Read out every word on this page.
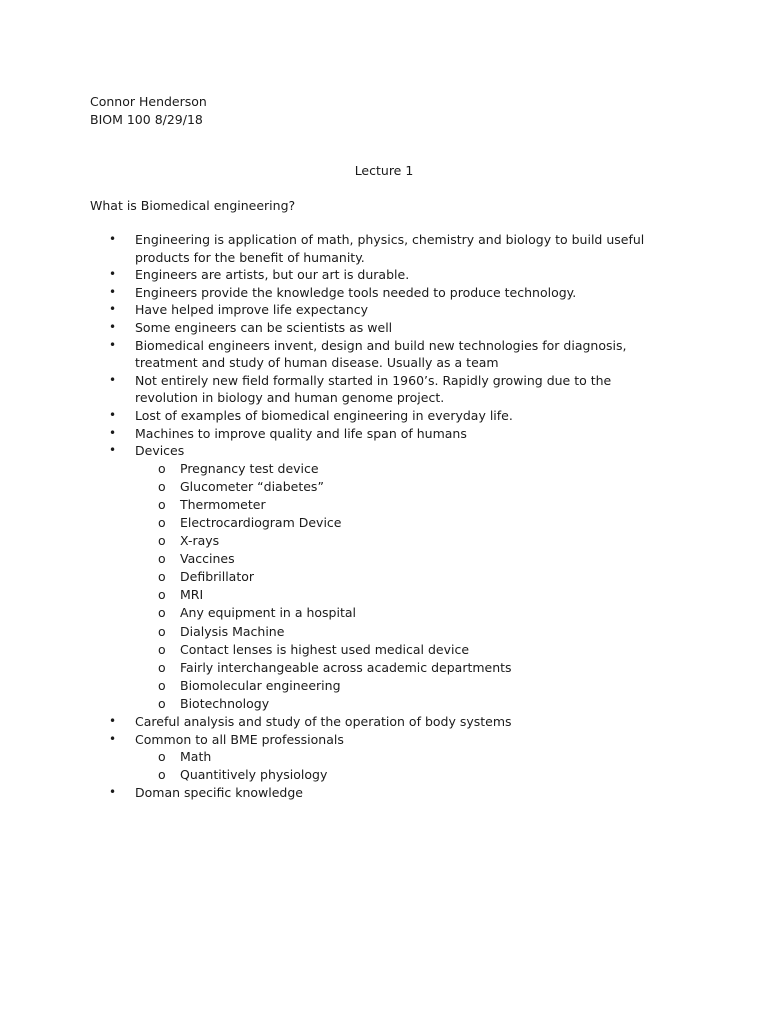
Connor Henderson
BIOM 100 8/29/18
Lecture 1
What is Biomedical engineering?
• Engineering is application of math, physics, chemistry and biology to build useful products for the benefit of humanity.
• Engineers are artists, but our art is durable.
• Engineers provide the knowledge tools needed to produce technology.
• Have helped improve life expectancy
• Some engineers can be scientists as well
• Biomedical engineers invent, design and build new technologies for diagnosis, treatment and study of human disease. Usually as a team
• Not entirely new field formally started in 1960’s. Rapidly growing due to the revolution in biology and human genome project.
• Lost of examples of biomedical engineering in everyday life.
• Machines to improve quality and life span of humans
• Devices
o Pregnancy test device
o Glucometer “diabetes”
o Thermometer
o Electrocardiogram Device
o X-rays
o Vaccines
o Defibrillator
o MRI
o Any equipment in a hospital
o Dialysis Machine
o Contact lenses is highest used medical device
o Fairly interchangeable across academic departments
o Biomolecular engineering
o Biotechnology
• Careful analysis and study of the operation of body systems
• Common to all BME professionals
o Math
o Quantitively physiology
• Doman specific knowledge
